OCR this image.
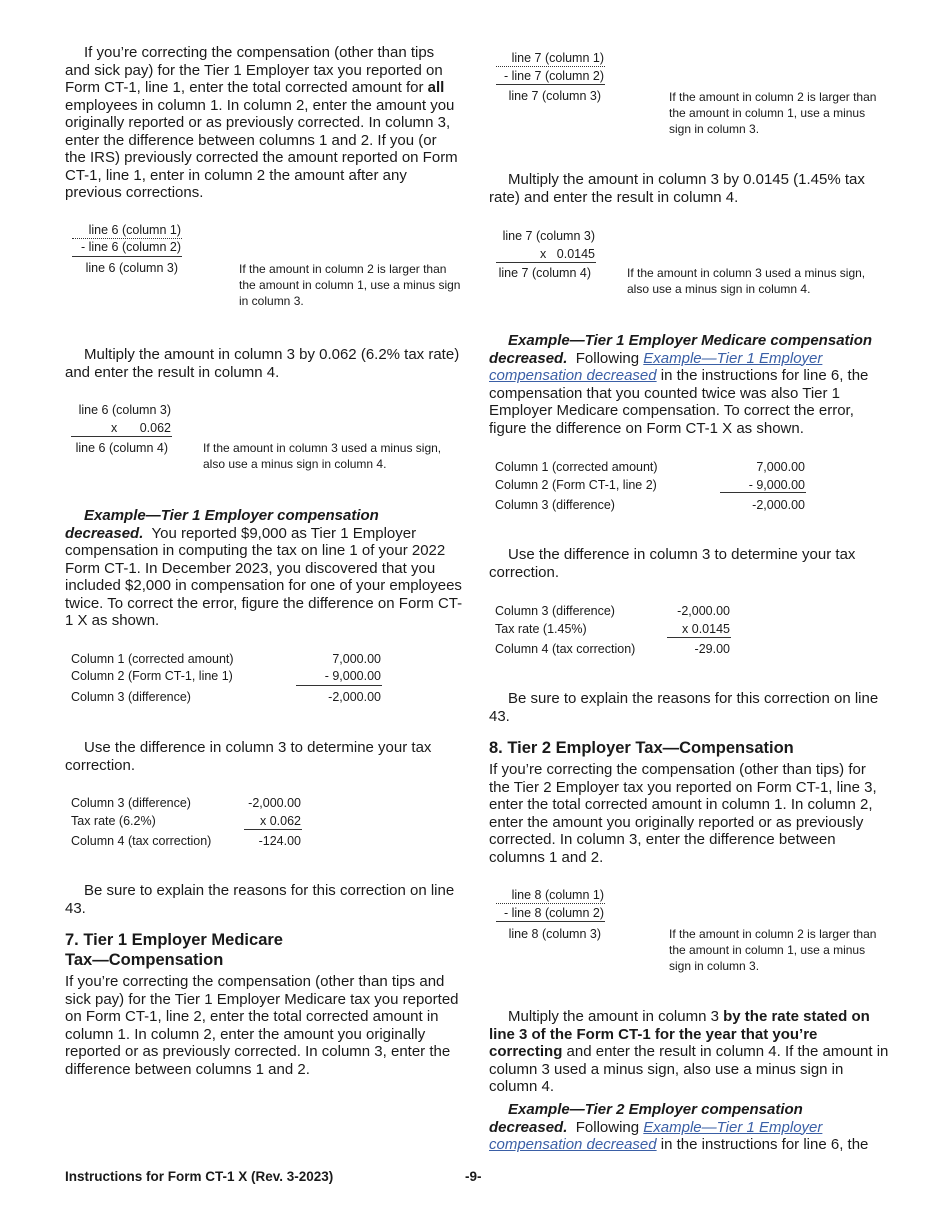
If you’re correcting the compensation (other than tips and sick pay) for the Tier 1 Employer tax you reported on Form CT-1, line 1, enter the total corrected amount for all employees in column 1. In column 2, enter the amount you originally reported or as previously corrected. In column 3, enter the difference between columns 1 and 2. If you (or the IRS) previously corrected the amount reported on Form CT-1, line 1, enter in column 2 the amount after any previous corrections.

line 6 (column 1)
- line 6 (column 2)
line 6 (column 3)	If the amount in column 2 is larger than the amount in column 1, use a minus sign in column 3.

Multiply the amount in column 3 by 0.062 (6.2% tax rate) and enter the result in column 4.

line 6 (column 3)
x	0.062
line 6 (column 4)	If the amount in column 3 used a minus sign, also use a minus sign in column 4.

Example—Tier 1 Employer compensation decreased. You reported $9,000 as Tier 1 Employer compensation in computing the tax on line 1 of your 2022 Form CT-1. In December 2023, you discovered that you included $2,000 in compensation for one of your employees twice. To correct the error, figure the difference on Form CT-1 X as shown.

Column 1 (corrected amount)	7,000.00
Column 2 (Form CT-1, line 1)	- 9,000.00
Column 3 (difference)	-2,000.00

Use the difference in column 3 to determine your tax correction.

Column 3 (difference)	-2,000.00
Tax rate (6.2%)	x 0.062
Column 4 (tax correction)	-124.00

Be sure to explain the reasons for this correction on line 43.

7. Tier 1 Employer Medicare
Tax—Compensation

If you’re correcting the compensation (other than tips and sick pay) for the Tier 1 Employer Medicare tax you reported on Form CT-1, line 2, enter the total corrected amount in column 1. In column 2, enter the amount you originally reported or as previously corrected. In column 3, enter the difference between columns 1 and 2.

line 7 (column 1)
- line 7 (column 2)
line 7 (column 3)	If the amount in column 2 is larger than the amount in column 1, use a minus sign in column 3.

Multiply the amount in column 3 by 0.0145 (1.45% tax rate) and enter the result in column 4.

line 7 (column 3)
x 0.0145
line 7 (column 4)	If the amount in column 3 used a minus sign, also use a minus sign in column 4.

Example—Tier 1 Employer Medicare compensation decreased. Following Example—Tier 1 Employer compensation decreased in the instructions for line 6, the compensation that you counted twice was also Tier 1 Employer Medicare compensation. To correct the error, figure the difference on Form CT-1 X as shown.

Column 1 (corrected amount)	7,000.00
Column 2 (Form CT-1, line 2)	- 9,000.00
Column 3 (difference)	-2,000.00

Use the difference in column 3 to determine your tax correction.

Column 3 (difference)	-2,000.00
Tax rate (1.45%)	x 0.0145
Column 4 (tax correction)	-29.00

Be sure to explain the reasons for this correction on line 43.

8. Tier 2 Employer Tax—Compensation

If you’re correcting the compensation (other than tips) for the Tier 2 Employer tax you reported on Form CT-1, line 3, enter the total corrected amount in column 1. In column 2, enter the amount you originally reported or as previously corrected. In column 3, enter the difference between columns 1 and 2.

line 8 (column 1)
- line 8 (column 2)
line 8 (column 3)	If the amount in column 2 is larger than the amount in column 1, use a minus sign in column 3.

Multiply the amount in column 3 by the rate stated on line 3 of the Form CT-1 for the year that you’re correcting and enter the result in column 4. If the amount in column 3 used a minus sign, also use a minus sign in column 4.

Example—Tier 2 Employer compensation decreased. Following Example—Tier 1 Employer compensation decreased in the instructions for line 6, the

Instructions for Form CT-1 X (Rev. 3-2023)	-9-
